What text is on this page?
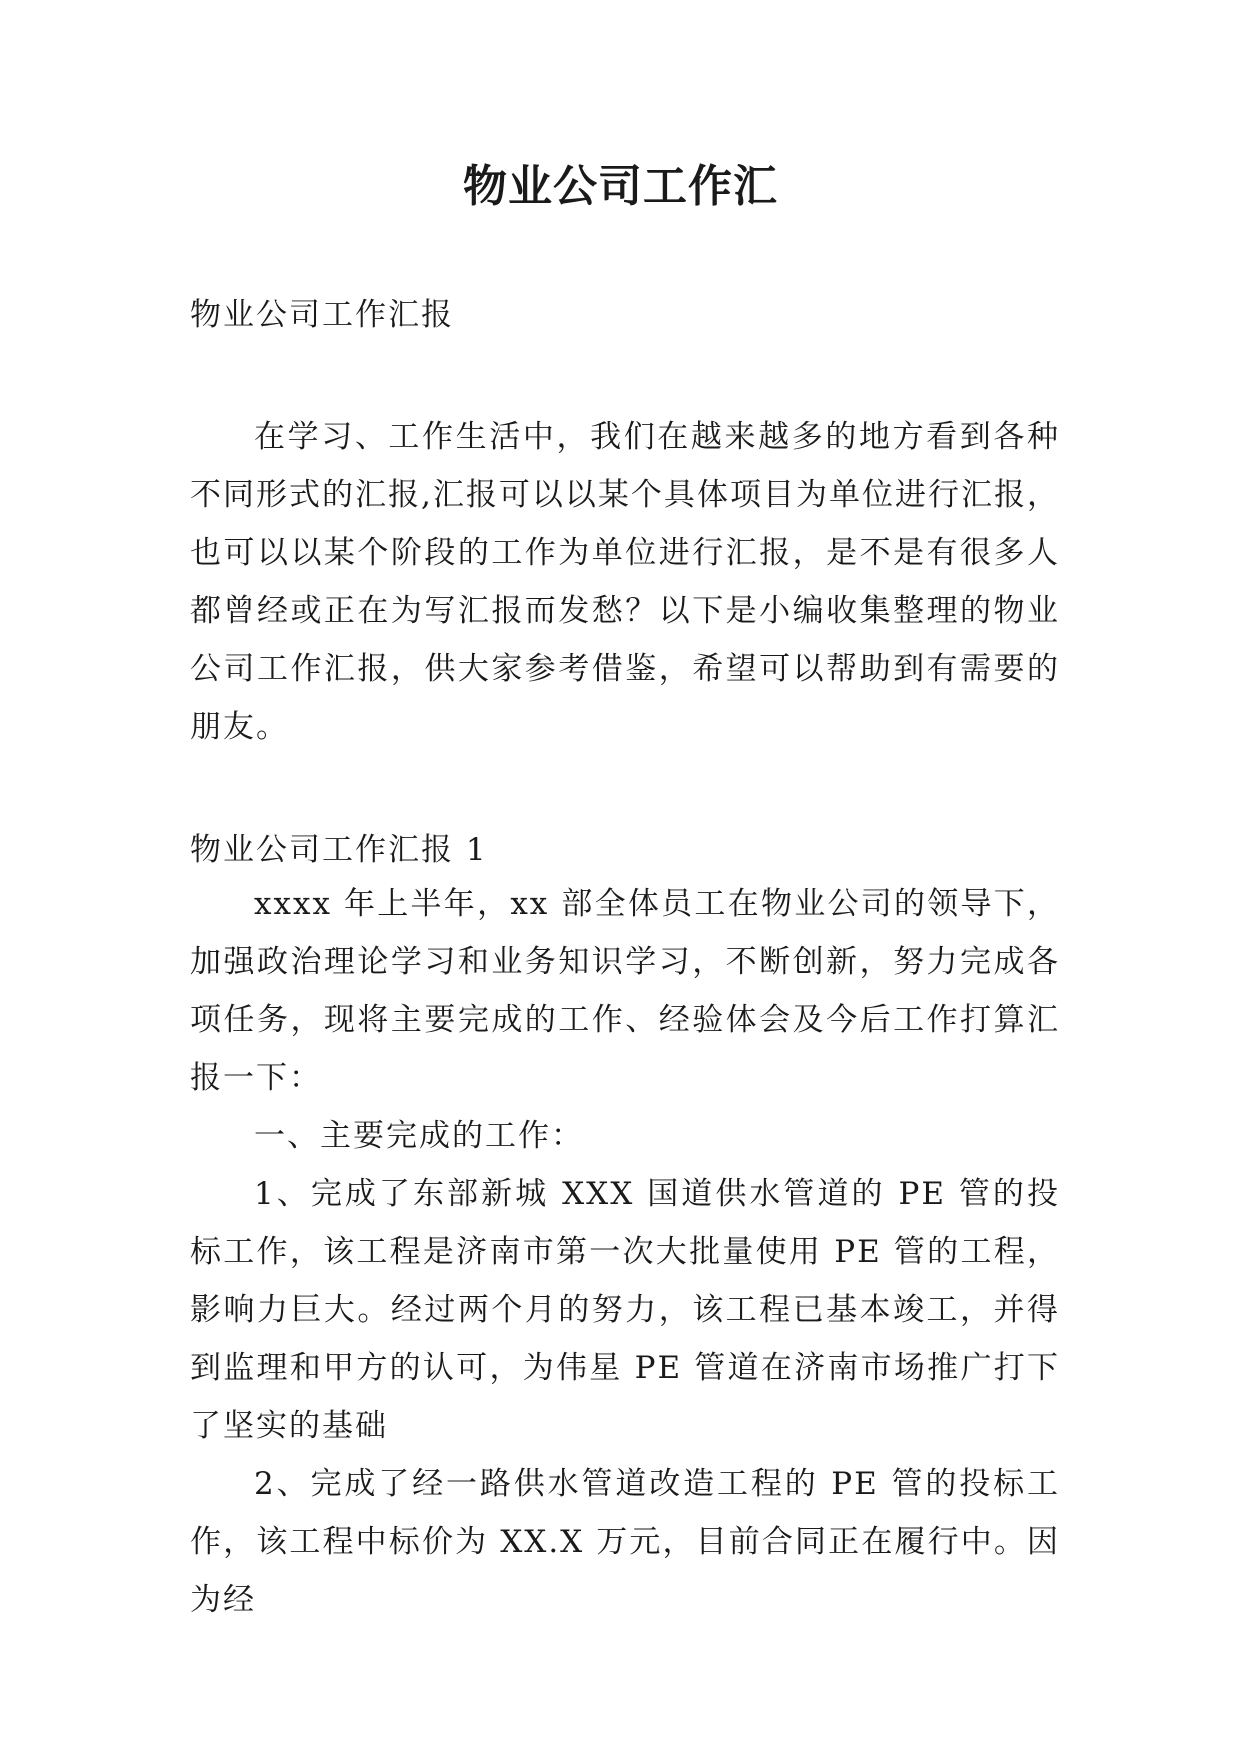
物业公司工作汇

物业公司工作汇报

在学习、工作生活中，我们在越来越多的地方看到各种不同形式的汇报,汇报可以以某个具体项目为单位进行汇报，也可以以某个阶段的工作为单位进行汇报，是不是有很多人都曾经或正在为写汇报而发愁？以下是小编收集整理的物业公司工作汇报，供大家参考借鉴，希望可以帮助到有需要的朋友。

物业公司工作汇报 1

xxxx 年上半年，xx 部全体员工在物业公司的领导下，加强政治理论学习和业务知识学习，不断创新，努力完成各项任务，现将主要完成的工作、经验体会及今后工作打算汇报一下：

一、主要完成的工作：

1、完成了东部新城 XXX 国道供水管道的 PE 管的投标工作，该工程是济南市第一次大批量使用 PE 管的工程，影响力巨大。经过两个月的努力，该工程已基本竣工，并得到监理和甲方的认可，为伟星 PE 管道在济南市场推广打下了坚实的基础

2、完成了经一路供水管道改造工程的 PE 管的投标工作，该工程中标价为 XX.X 万元，目前合同正在履行中。因为经
